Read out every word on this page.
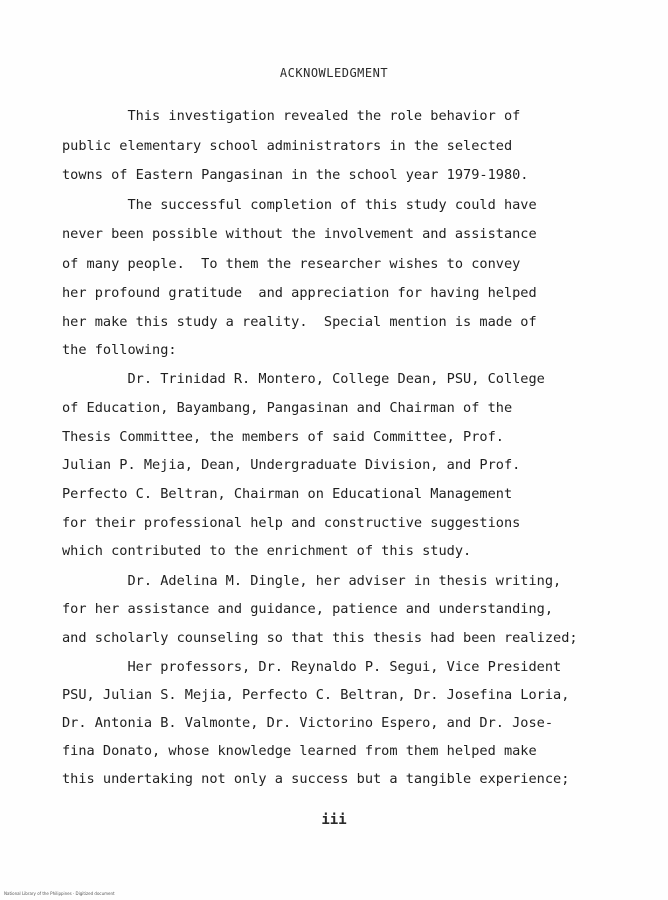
ACKNOWLEDGMENT
This investigation revealed the role behavior of
public elementary school administrators in the selected
towns of Eastern Pangasinan in the school year 1979-1980.
The successful completion of this study could have
never been possible without the involvement and assistance
of many people.  To them the researcher wishes to convey
her profound gratitude  and appreciation for having helped
her make this study a reality.  Special mention is made of
the following:
Dr. Trinidad R. Montero, College Dean, PSU, College
of Education, Bayambang, Pangasinan and Chairman of the
Thesis Committee, the members of said Committee, Prof.
Julian P. Mejia, Dean, Undergraduate Division, and Prof.
Perfecto C. Beltran, Chairman on Educational Management
for their professional help and constructive suggestions
which contributed to the enrichment of this study.
Dr. Adelina M. Dingle, her adviser in thesis writing,
for her assistance and guidance, patience and understanding,
and scholarly counseling so that this thesis had been realized;
Her professors, Dr. Reynaldo P. Segui, Vice President
PSU, Julian S. Mejia, Perfecto C. Beltran, Dr. Josefina Loria,
Dr. Antonia B. Valmonte, Dr. Victorino Espero, and Dr. Jose-
fina Donato, whose knowledge learned from them helped make
this undertaking not only a success but a tangible experience;
iii
National Library of the Philippines · Digitized document
